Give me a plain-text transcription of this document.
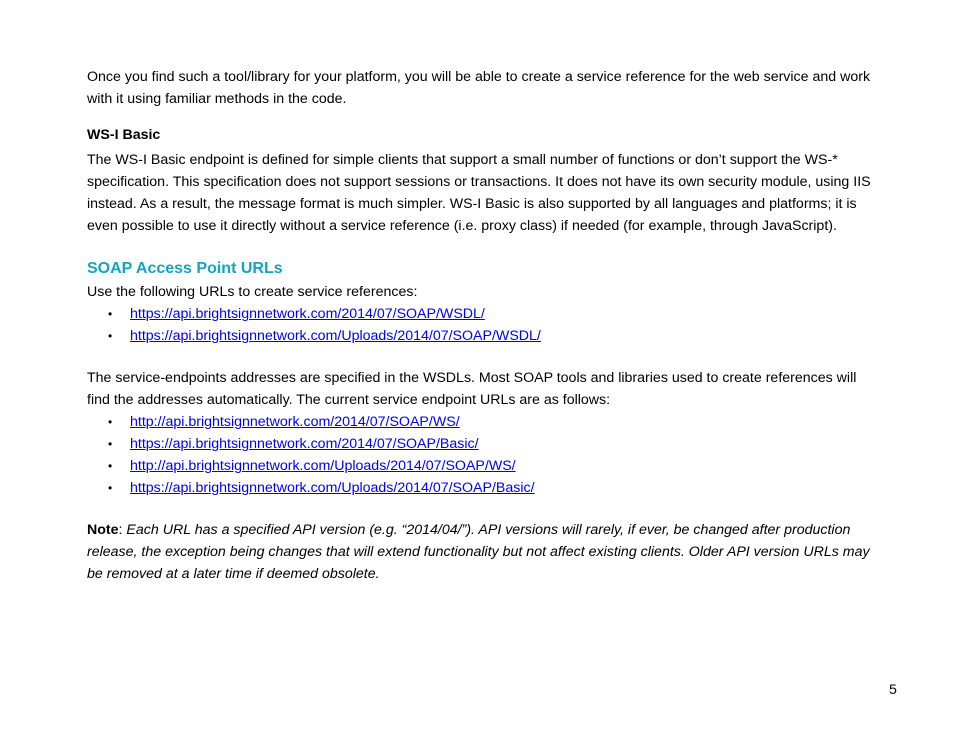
Once you find such a tool/library for your platform, you will be able to create a service reference for the web service and work with it using familiar methods in the code.

WS-I Basic

The WS-I Basic endpoint is defined for simple clients that support a small number of functions or don’t support the WS-* specification. This specification does not support sessions or transactions. It does not have its own security module, using IIS instead. As a result, the message format is much simpler. WS-I Basic is also supported by all languages and platforms; it is even possible to use it directly without a service reference (i.e. proxy class) if needed (for example, through JavaScript).

SOAP Access Point URLs

Use the following URLs to create service references:

• https://api.brightsignnetwork.com/2014/07/SOAP/WSDL/
• https://api.brightsignnetwork.com/Uploads/2014/07/SOAP/WSDL/

The service-endpoints addresses are specified in the WSDLs. Most SOAP tools and libraries used to create references will find the addresses automatically. The current service endpoint URLs are as follows:

• http://api.brightsignnetwork.com/2014/07/SOAP/WS/
• https://api.brightsignnetwork.com/2014/07/SOAP/Basic/
• http://api.brightsignnetwork.com/Uploads/2014/07/SOAP/WS/
• https://api.brightsignnetwork.com/Uploads/2014/07/SOAP/Basic/

Note: Each URL has a specified API version (e.g. “2014/04/”). API versions will rarely, if ever, be changed after production release, the exception being changes that will extend functionality but not affect existing clients. Older API version URLs may be removed at a later time if deemed obsolete.

5
